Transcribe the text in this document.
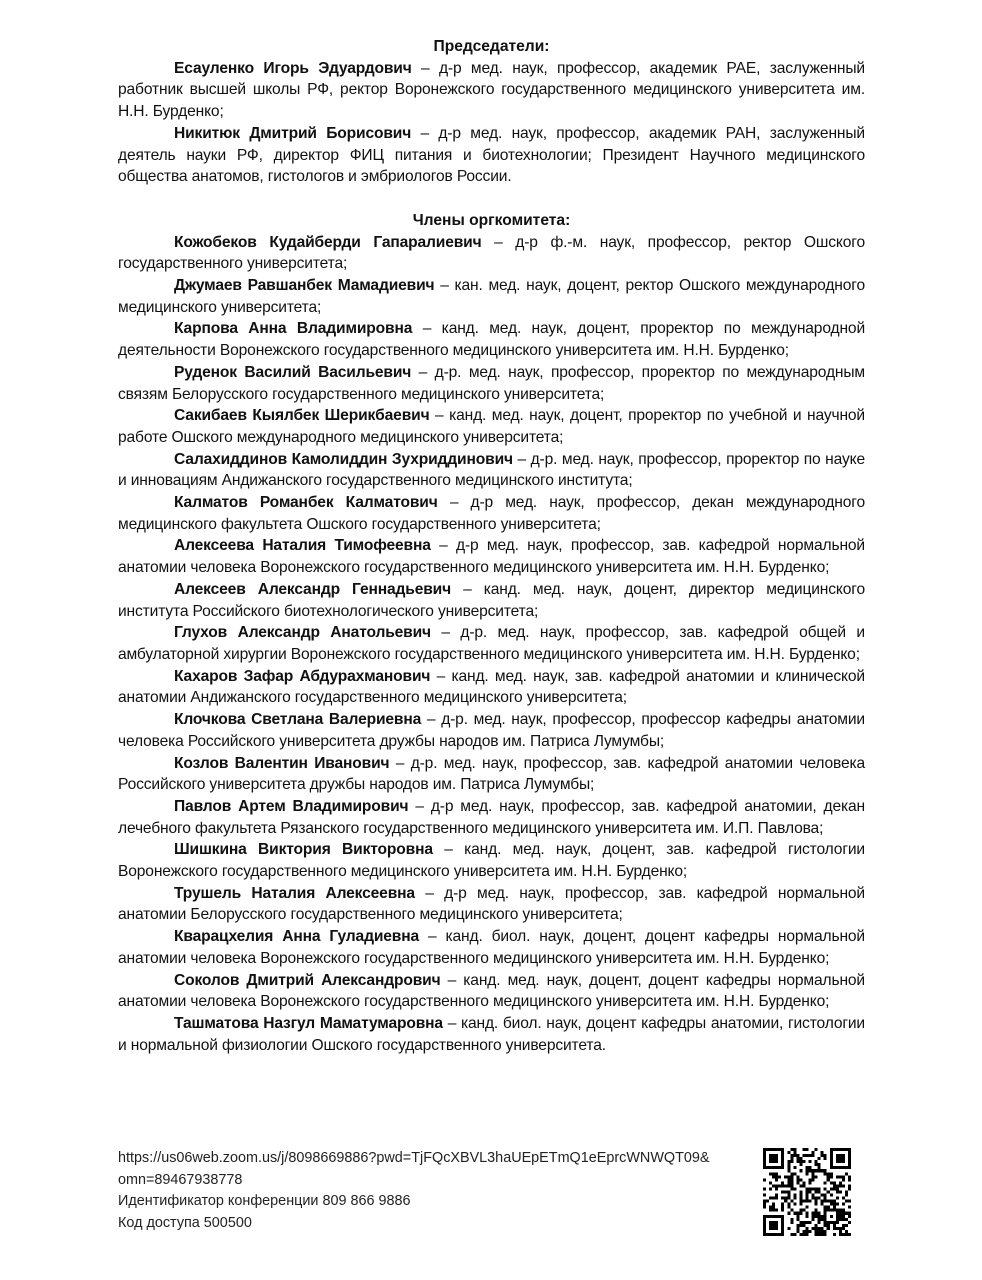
Председатели:

Есауленко Игорь Эдуардович – д-р мед. наук, профессор, академик РАЕ, заслуженный работник высшей школы РФ, ректор Воронежского государственного медицинского университета им. Н.Н. Бурденко;

Никитюк Дмитрий Борисович – д-р мед. наук, профессор, академик РАН, заслуженный деятель науки РФ, директор ФИЦ питания и биотехнологии; Президент Научного медицинского общества анатомов, гистологов и эмбриологов России.

Члены оргкомитета:

Кожобеков Кудайберди Гапаралиевич – д-р ф.-м. наук, профессор, ректор Ошского государственного университета;

Джумаев Равшанбек Мамадиевич – кан. мед. наук, доцент, ректор Ошского международного медицинского университета;

Карпова Анна Владимировна – канд. мед. наук, доцент, проректор по международной деятельности Воронежского государственного медицинского университета им. Н.Н. Бурденко;

Руденок Василий Васильевич – д-р. мед. наук, профессор, проректор по международным связям Белорусского государственного медицинского университета;

Сакибаев Кыялбек Шерикбаевич – канд. мед. наук, доцент, проректор по учебной и научной работе Ошского международного медицинского университета;

Салахиддинов Камолиддин Зухриддинович – д-р. мед. наук, профессор, проректор по науке и инновациям Андижанского государственного медицинского института;

Калматов Романбек Калматович – д-р мед. наук, профессор, декан международного медицинского факультета Ошского государственного университета;

Алексеева Наталия Тимофеевна – д-р мед. наук, профессор, зав. кафедрой нормальной анатомии человека Воронежского государственного медицинского университета им. Н.Н. Бурденко;

Алексеев Александр Геннадьевич – канд. мед. наук, доцент, директор медицинского института Российского биотехнологического университета;

Глухов Александр Анатольевич – д-р. мед. наук, профессор, зав. кафедрой общей и амбулаторной хирургии Воронежского государственного медицинского университета им. Н.Н. Бурденко;

Кахаров Зафар Абдурахманович – канд. мед. наук, зав. кафедрой анатомии и клинической анатомии Андижанского государственного медицинского университета;

Клочкова Светлана Валериевна – д-р. мед. наук, профессор, профессор кафедры анатомии человека Российского университета дружбы народов им. Патриса Лумумбы;

Козлов Валентин Иванович – д-р. мед. наук, профессор, зав. кафедрой анатомии человека Российского университета дружбы народов им. Патриса Лумумбы;

Павлов Артем Владимирович – д-р мед. наук, профессор, зав. кафедрой анатомии, декан лечебного факультета Рязанского государственного медицинского университета им. И.П. Павлова;

Шишкина Виктория Викторовна – канд. мед. наук, доцент, зав. кафедрой гистологии Воронежского государственного медицинского университета им. Н.Н. Бурденко;

Трушель Наталия Алексеевна – д-р мед. наук, профессор, зав. кафедрой нормальной анатомии Белорусского государственного медицинского университета;

Кварацхелия Анна Гуладиевна – канд. биол. наук, доцент, доцент кафедры нормальной анатомии человека Воронежского государственного медицинского университета им. Н.Н. Бурденко;

Соколов Дмитрий Александрович – канд. мед. наук, доцент, доцент кафедры нормальной анатомии человека Воронежского государственного медицинского университета им. Н.Н. Бурденко;

Ташматова Назгул Маматумаровна – канд. биол. наук, доцент кафедры анатомии, гистологии и нормальной физиологии Ошского государственного университета.

https://us06web.zoom.us/j/8098669886?pwd=TjFQcXBVL3haUEpETmQ1eEprcWNWQT09&
omn=89467938778
Идентификатор конференции 809 866 9886
Код доступа 500500
